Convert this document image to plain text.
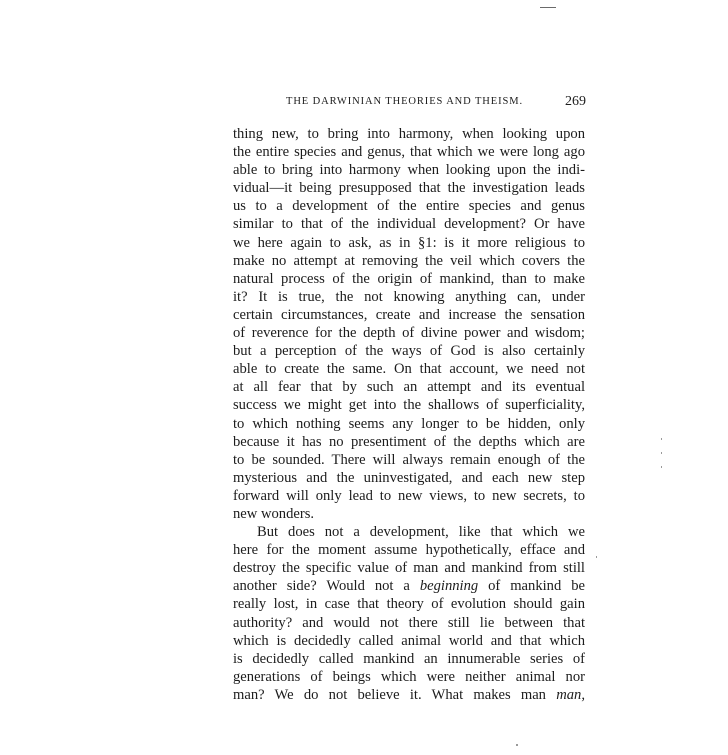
THE DARWINIAN THEORIES AND THEISM.	269
thing new, to bring into harmony, when looking upon
the entire species and genus, that which we were long ago
able to bring into harmony when looking upon the indi-
vidual—it being presupposed that the investigation leads
us to a development of the entire species and genus
similar to that of the individual development? Or have
we here again to ask, as in §1: is it more religious to
make no attempt at removing the veil which covers the
natural process of the origin of mankind, than to make
it? It is true, the not knowing anything can, under
certain circumstances, create and increase the sensation
of reverence for the depth of divine power and wisdom;
but a perception of the ways of God is also certainly
able to create the same. On that account, we need not
at all fear that by such an attempt and its eventual
success we might get into the shallows of superficiality,
to which nothing seems any longer to be hidden, only
because it has no presentiment of the depths which are
to be sounded. There will always remain enough of the
mysterious and the uninvestigated, and each new step
forward will only lead to new views, to new secrets, to
new wonders.
But does not a development, like that which we
here for the moment assume hypothetically, efface and
destroy the specific value of man and mankind from still
another side? Would not a beginning of mankind be
really lost, in case that theory of evolution should gain
authority? and would not there still lie between that
which is decidedly called animal world and that which
is decidedly called mankind an innumerable series of
generations of beings which were neither animal nor
man? We do not believe it. What makes man man,
